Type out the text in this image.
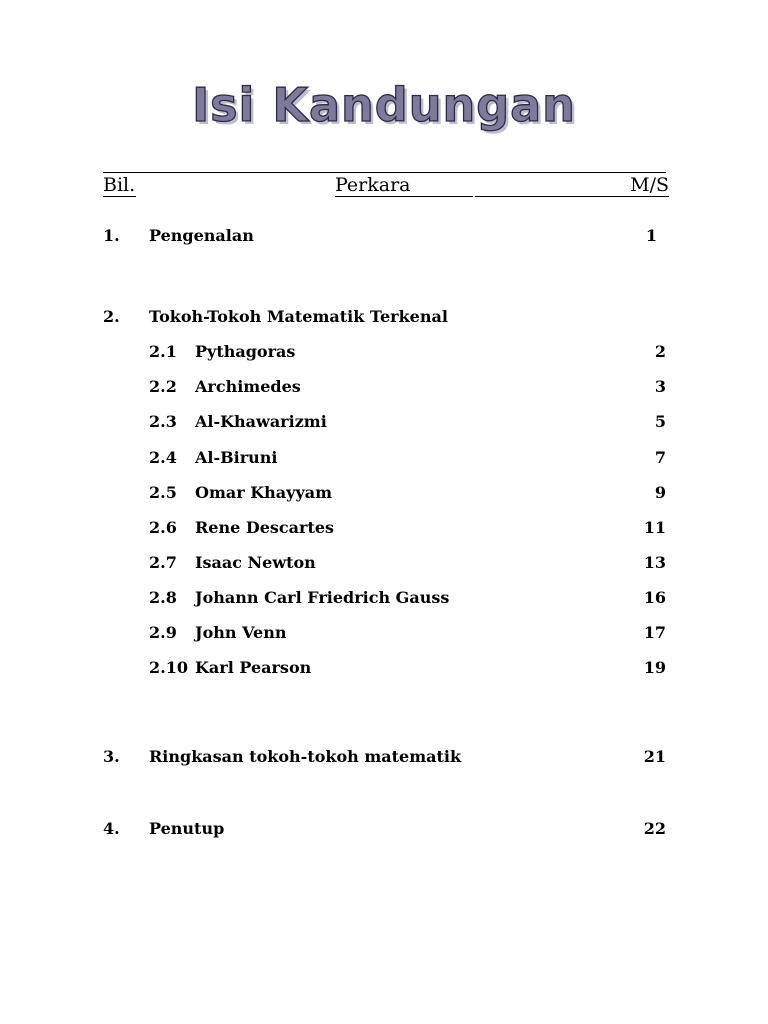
Isi Kandungan
Bil.	Perkara	M/S
1. Pengenalan	1
2. Tokoh-Tokoh Matematik Terkenal
2.1 Pythagoras	2
2.2 Archimedes	3
2.3 Al-Khawarizmi	5
2.4 Al-Biruni	7
2.5 Omar Khayyam	9
2.6 Rene Descartes	11
2.7 Isaac Newton	13
2.8 Johann Carl Friedrich Gauss	16
2.9 John Venn	17
2.10 Karl Pearson	19
3. Ringkasan tokoh-tokoh matematik	21
4. Penutup	22
